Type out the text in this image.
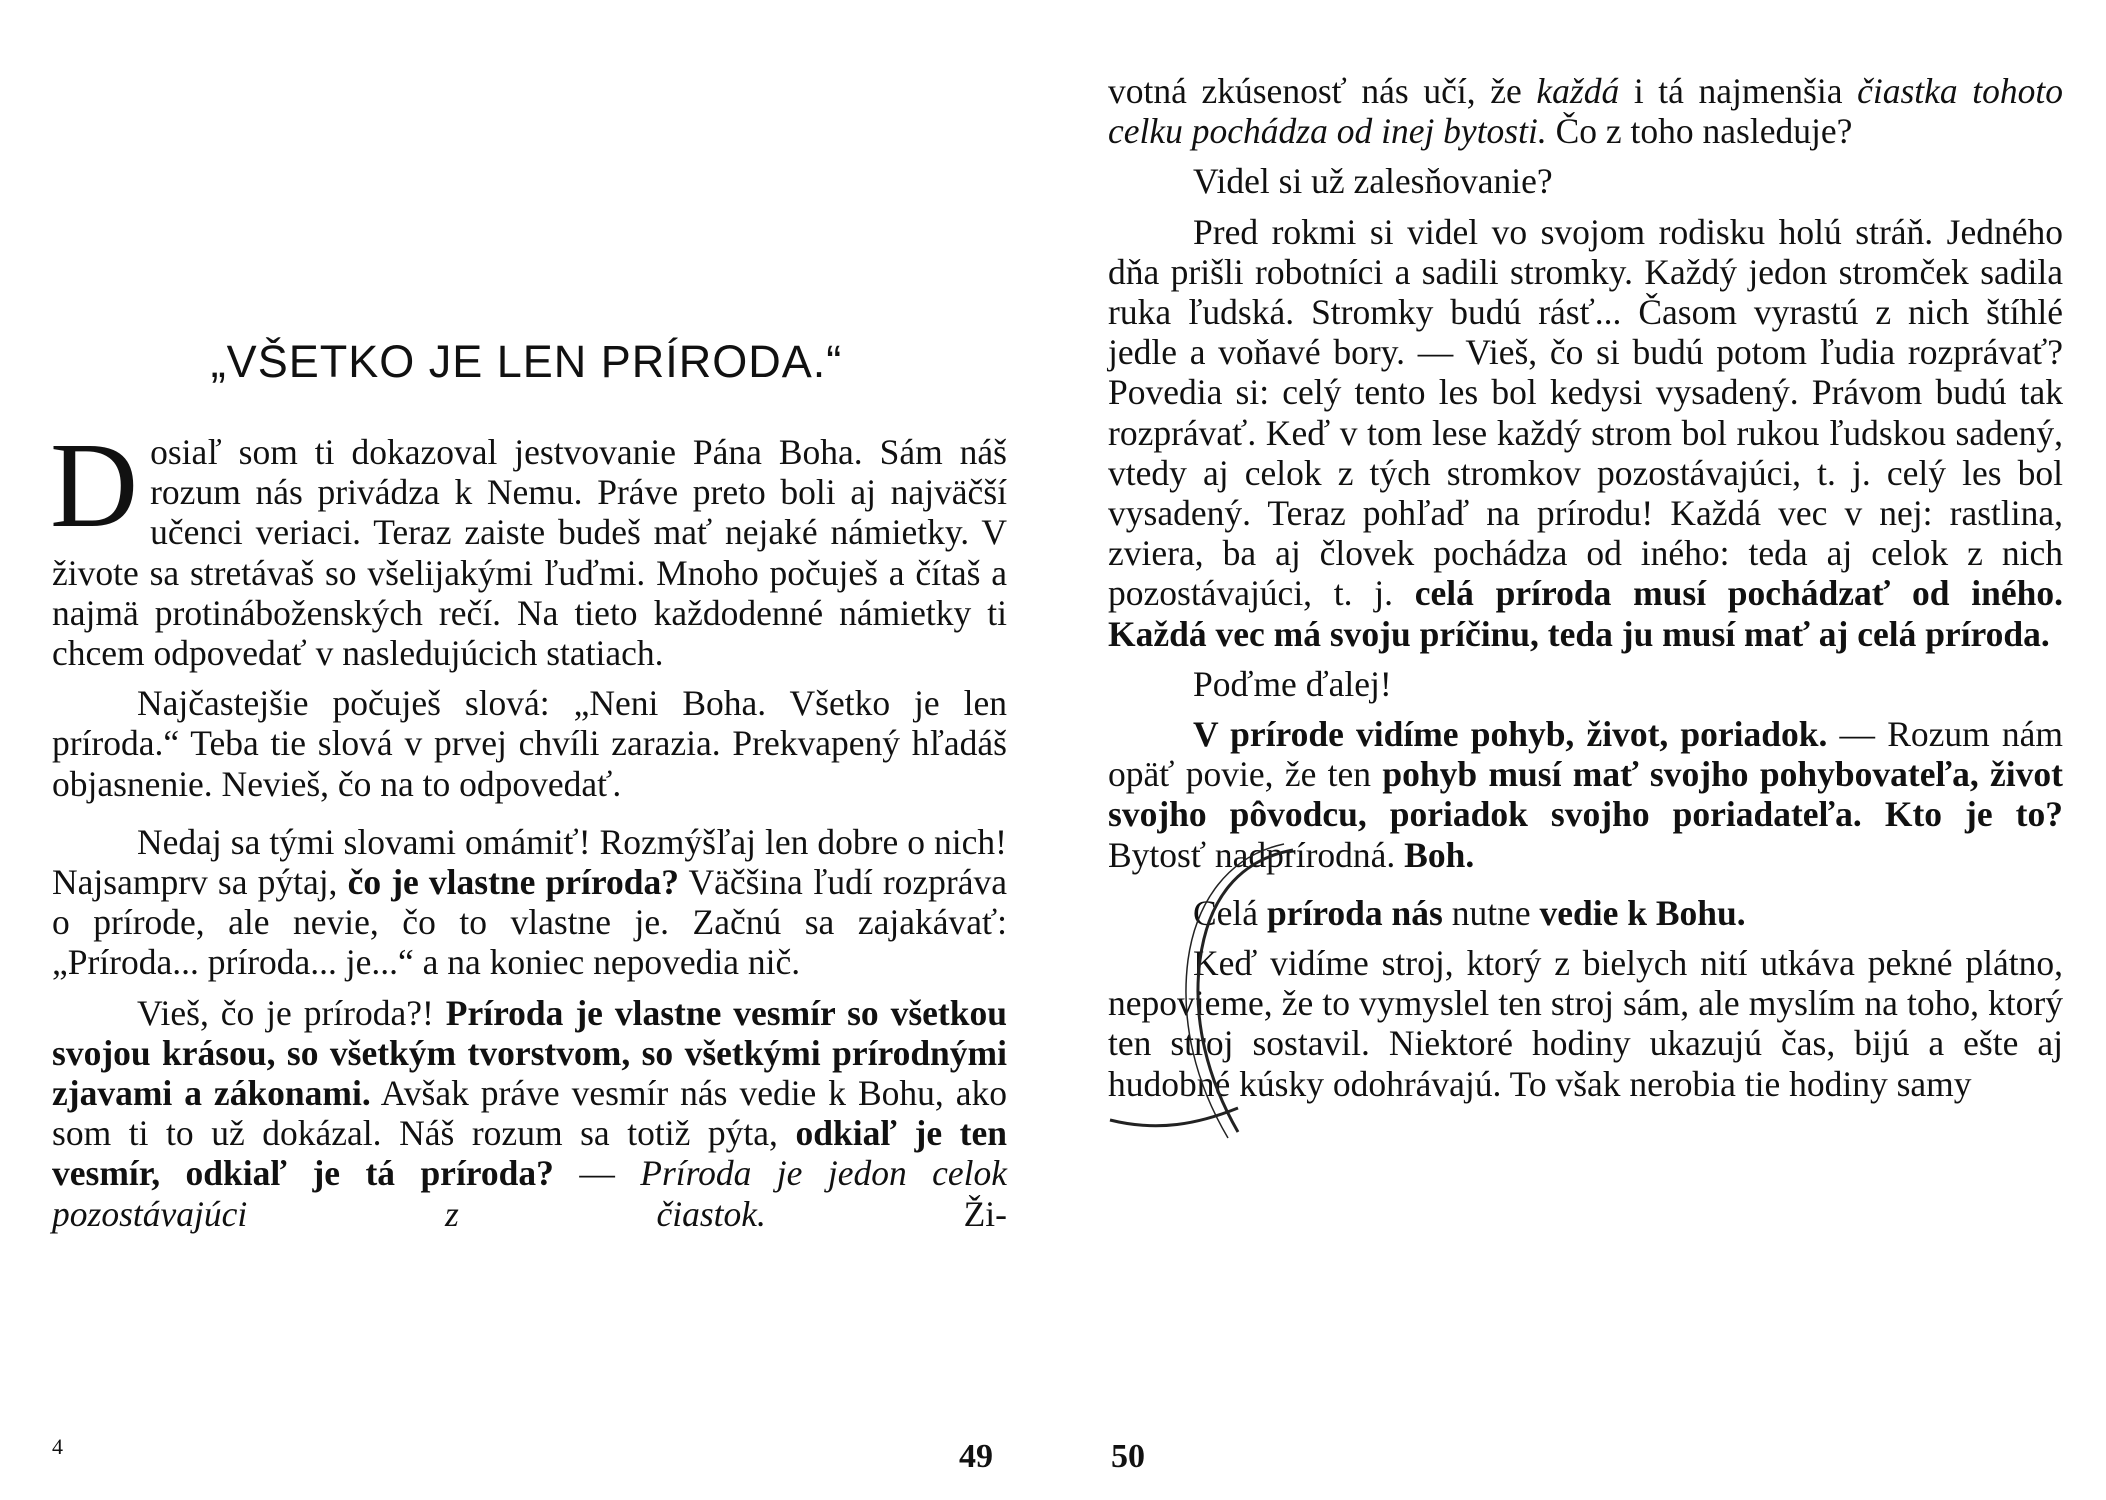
„VŠETKO JE LEN PRÍRODA.“

Dosiaľ som ti dokazoval jestvovanie Pána Boha. Sám náš rozum nás privádza k Nemu. Práve preto boli aj najväčší učenci veriaci. Teraz zaiste budeš mať nejaké námietky. V živote sa stretávaš so všelijakými ľuďmi. Mnoho počuješ a čítaš a najmä protináboženských rečí. Na tieto každodenné námietky ti chcem odpovedať v nasledujúcich statiach.

Najčastejšie počuješ slová: „Neni Boha. Všetko je len príroda.“ Teba tie slová v prvej chvíli zarazia. Prekvapený hľadáš objasnenie. Nevieš, čo na to odpovedať.

Nedaj sa tými slovami omámiť! Rozmýšľaj len dobre o nich! Najsamprv sa pýtaj, čo je vlastne príroda? Väčšina ľudí rozpráva o prírode, ale nevie, čo to vlastne je. Začnú sa zajakávať: „Príroda... príroda... je...“ a na koniec nepovedia nič.

Vieš, čo je príroda?! Príroda je vlastne vesmír so všetkou svojou krásou, so všetkým tvorstvom, so všetkými prírodnými zjavami a zákonami. Avšak práve vesmír nás vedie k Bohu, ako som ti to už dokázal. Náš rozum sa totiž pýta, odkiaľ je ten vesmír, odkiaľ je tá príroda? — Príroda je jedon celok pozostávajúci z čiastok. Ži-

4	49

votná zkúsenosť nás učí, že každá i tá najmenšia čiastka tohoto celku pochádza od inej bytosti. Čo z toho nasleduje?

Videl si už zalesňovanie?

Pred rokmi si videl vo svojom rodisku holú stráň. Jedného dňa prišli robotníci a sadili stromky. Každý jedon stromček sadila ruka ľudská. Stromky budú rásť... Časom vyrastú z nich štíhlé jedle a voňavé bory. — Vieš, čo si budú potom ľudia rozprávať? Povedia si: celý tento les bol kedysi vysadený. Právom budú tak rozprávať. Keď v tom lese každý strom bol rukou ľudskou sadený, vtedy aj celok z tých stromkov pozostávajúci, t. j. celý les bol vysadený. Teraz pohľaď na prírodu! Každá vec v nej: rastlina, zviera, ba aj človek pochádza od iného: teda aj celok z nich pozostávajúci, t. j. celá príroda musí pochádzať od iného. Každá vec má svoju príčinu, teda ju musí mať aj celá príroda.

Poďme ďalej!

V prírode vidíme pohyb, život, poriadok. — Rozum nám opäť povie, že ten pohyb musí mať svojho pohybovateľa, život svojho pôvodcu, poriadok svojho poriadateľa. Kto je to? Bytosť nadprírodná. Boh.

Celá príroda nás nutne vedie k Bohu.

Keď vidíme stroj, ktorý z bielych nití utkáva pekné plátno, nepovieme, že to vymyslel ten stroj sám, ale myslím na toho, ktorý ten stroj sostavil. Niektoré hodiny ukazujú čas, bijú a ešte aj hudobné kúsky odohrávajú. To však nerobia tie hodiny samy

50
